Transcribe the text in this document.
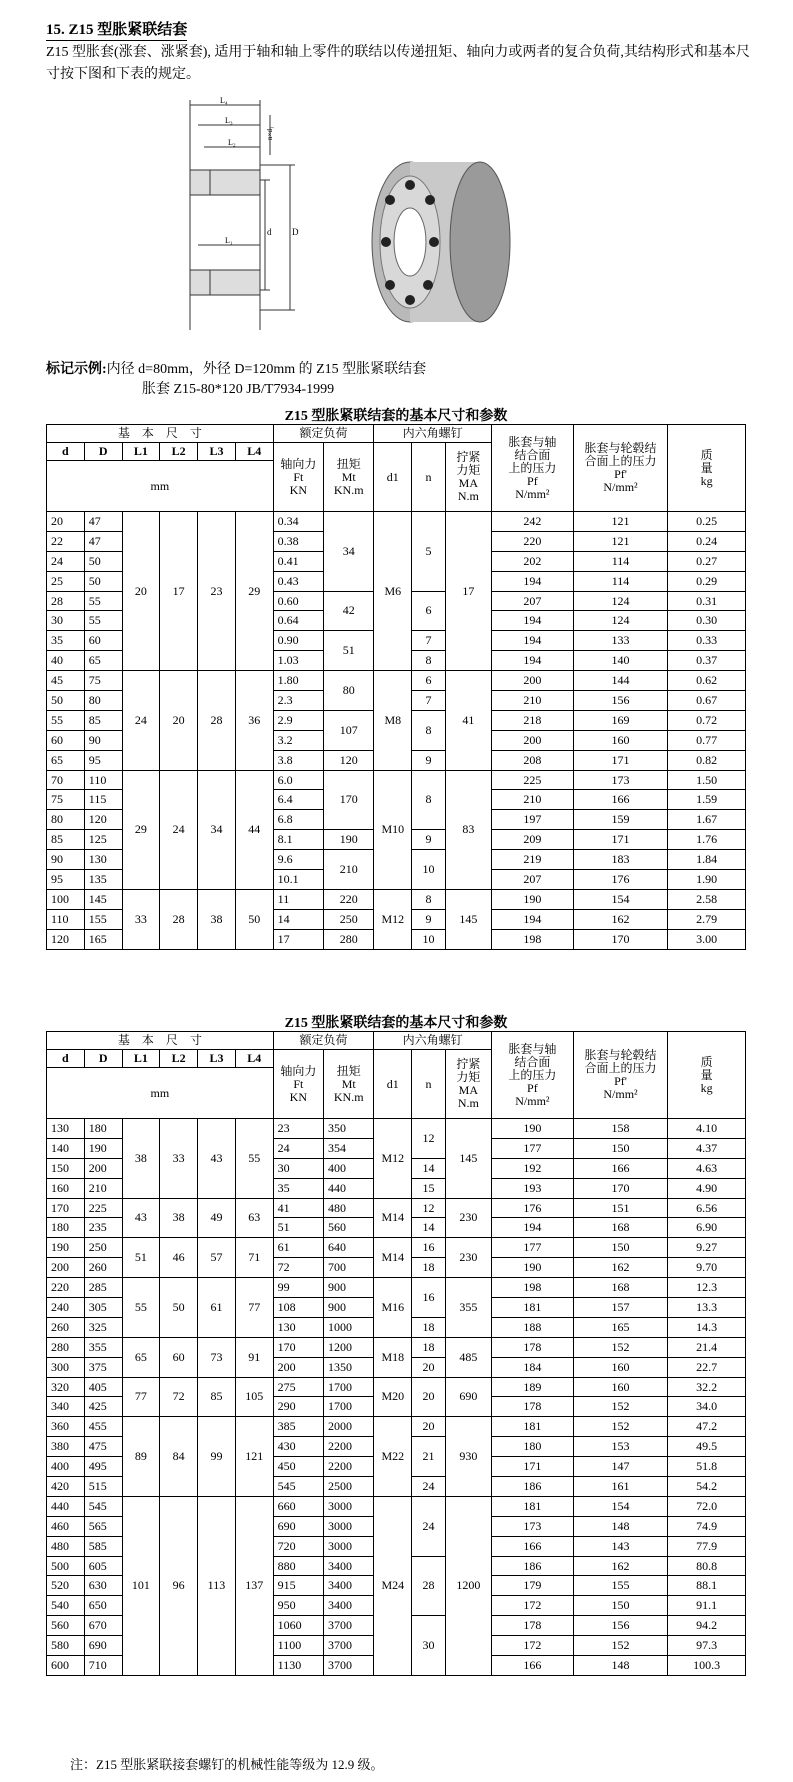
15. Z15 型胀紧联结套
Z15 型胀套(涨套、涨紧套), 适用于轴和轴上零件的联结以传递扭矩、轴向力或两者的复合负荷,其结构形式和基本尺寸按下图和下表的规定。
L₄
L₃
L₂
L₁
d D
n×d₁
标记示例:内径 d=80mm，外径 D=120mm 的 Z15 型胀紧联结套
胀套 Z15-80*120 JB/T7934-1999
Z15 型胀紧联结套的基本尺寸和参数
基　本　尺　寸						额定负荷		内六角螺钉			胀套与轴
结合面
上的压力
Pf
N/mm²	胀套与轮毂结
合面上的压力
Pf'
N/mm²	质
量
kg
d	D	L1	L2	L3	L4	轴向力
Ft
KN	扭矩
Mt
KN.m	d1	n	拧紧
力矩
MA
N.m			
mm													
20	47	20	17	23	29	0.34	34	M6	5	17	242	121	0.25
22	47					0.38					220	121	0.24
24	50					0.41					202	114	0.27
25	50					0.43					194	114	0.29
28	55					0.60	42		6		207	124	0.31
30	55					0.64					194	124	0.30
35	60					0.90	51		7		194	133	0.33
40	65					1.03			8		194	140	0.37
45	75	24	20	28	36	1.80	80	M8	6	41	200	144	0.62
50	80					2.3			7		210	156	0.67
55	85					2.9	107		8		218	169	0.72
60	90					3.2					200	160	0.77
65	95					3.8	120		9		208	171	0.82
70	110	29	24	34	44	6.0	170	M10	8	83	225	173	1.50
75	115					6.4					210	166	1.59
80	120					6.8					197	159	1.67
85	125					8.1	190		9		209	171	1.76
90	130					9.6	210		10		219	183	1.84
95	135					10.1					207	176	1.90
100	145	33	28	38	50	11	220	M12	8	145	190	154	2.58
110	155					14	250		9		194	162	2.79
120	165					17	280		10		198	170	3.00
Z15 型胀紧联结套的基本尺寸和参数
基　本　尺　寸						额定负荷		内六角螺钉			胀套与轴
结合面
上的压力
Pf
N/mm²	胀套与轮毂结
合面上的压力
Pf'
N/mm²	质
量
kg
d	D	L1	L2	L3	L4	轴向力
Ft
KN	扭矩
Mt
KN.m	d1	n	拧紧
力矩
MA
N.m			
mm													
130	180	38	33	43	55	23	350	M12	12	145	190	158	4.10
140	190					24	354				177	150	4.37
150	200					30	400		14		192	166	4.63
160	210					35	440		15		193	170	4.90
170	225	43	38	49	63	41	480	M14	12	230	176	151	6.56
180	235					51	560		14		194	168	6.90
190	250	51	46	57	71	61	640	M14	16	230	177	150	9.27
200	260					72	700		18		190	162	9.70
220	285	55	50	61	77	99	900	M16	16	355	198	168	12.3
240	305					108	900				181	157	13.3
260	325					130	1000		18		188	165	14.3
280	355	65	60	73	91	170	1200	M18	18	485	178	152	21.4
300	375					200	1350		20		184	160	22.7
320	405	77	72	85	105	275	1700	M20	20	690	189	160	32.2
340	425					290	1700				178	152	34.0
360	455	89	84	99	121	385	2000	M22	20	930	181	152	47.2
380	475					430	2200		21		180	153	49.5
400	495					450	2200				171	147	51.8
420	515					545	2500		24		186	161	54.2
440	545	101	96	113	137	660	3000	M24	24	1200	181	154	72.0
460	565					690	3000				173	148	74.9
480	585					720	3000				166	143	77.9
500	605					880	3400		28		186	162	80.8
520	630					915	3400				179	155	88.1
540	650					950	3400				172	150	91.1
560	670					1060	3700		30		178	156	94.2
580	690					1100	3700				172	152	97.3
600	710					1130	3700				166	148	100.3
注：Z15 型胀紧联接套螺钉的机械性能等级为 12.9 级。
